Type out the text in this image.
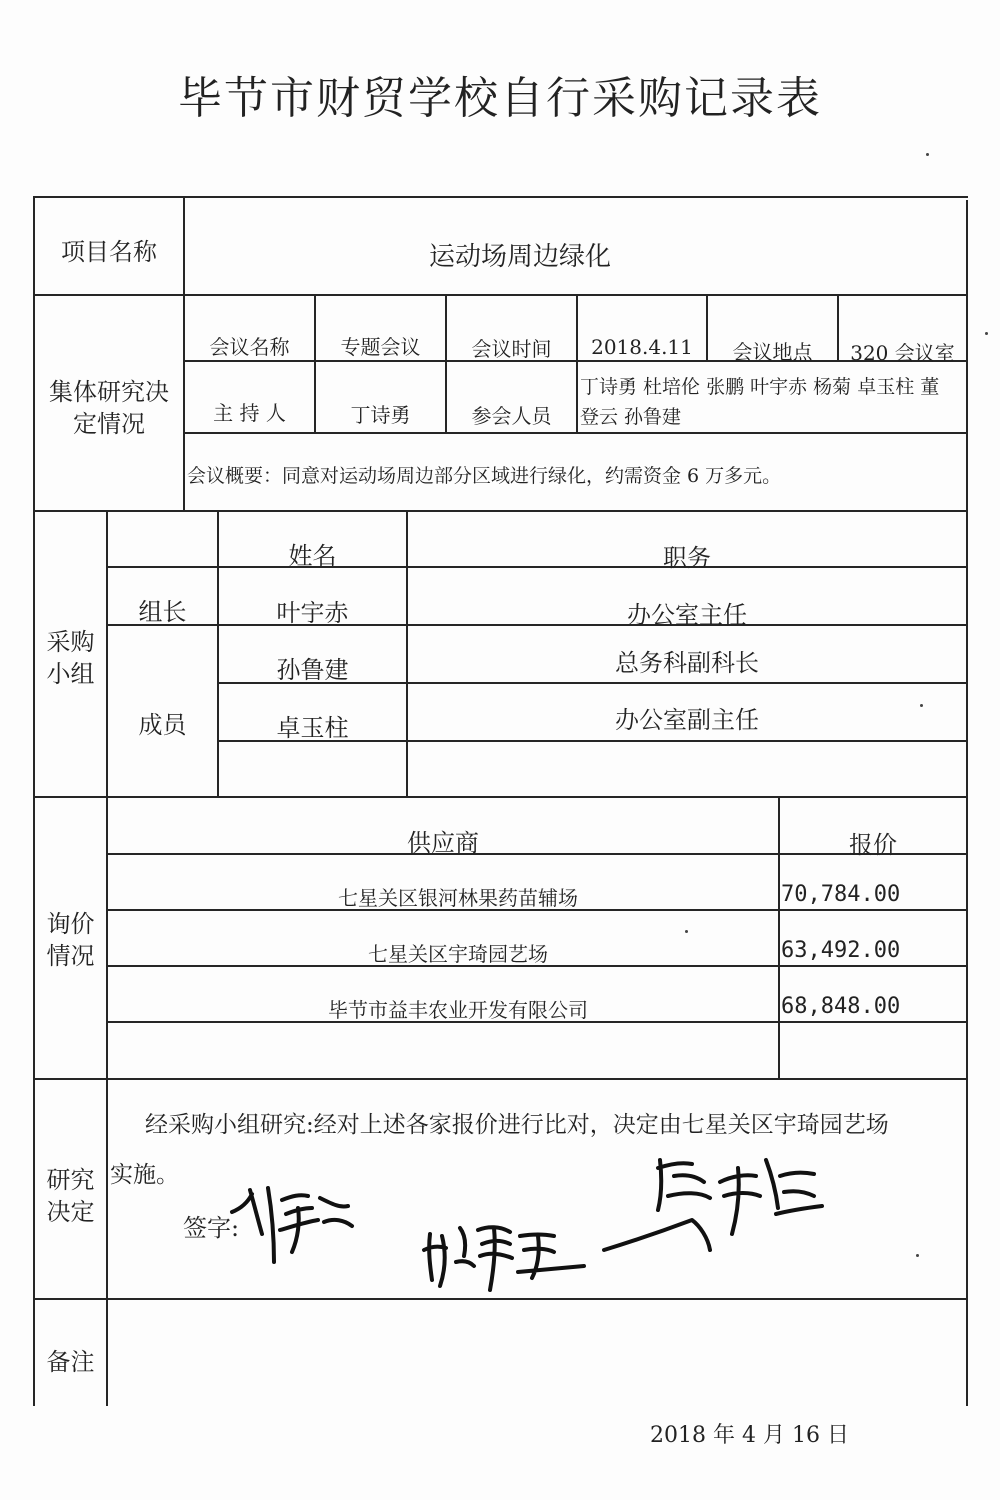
毕节市财贸学校自行采购记录表
项目名称	运动场周边绿化
集体研究决
定情况
会议名称	专题会议	会议时间	2018.4.11	会议地点	320 会议室
主 持 人	丁诗勇	参会人员
丁诗勇 杜培伦 张鹏 叶宇赤 杨菊 卓玉柱 董
登云 孙鲁建
会议概要：同意对运动场周边部分区域进行绿化，约需资金 6 万多元。
采购
小组
姓名	职务
组长	叶宇赤	办公室主任
成员
孙鲁建	总务科副科长
卓玉柱	办公室副主任
询价
情况
供应商	报价
七星关区银河林果药苗辅场	70,784.00
七星关区宇琦园艺场	63,492.00
毕节市益丰农业开发有限公司	68,848.00
研究
决定
经采购小组研究:经对上述各家报价进行比对，决定由七星关区宇琦园艺场
实施。
签字:
备注
2018 年 4 月 16 日
